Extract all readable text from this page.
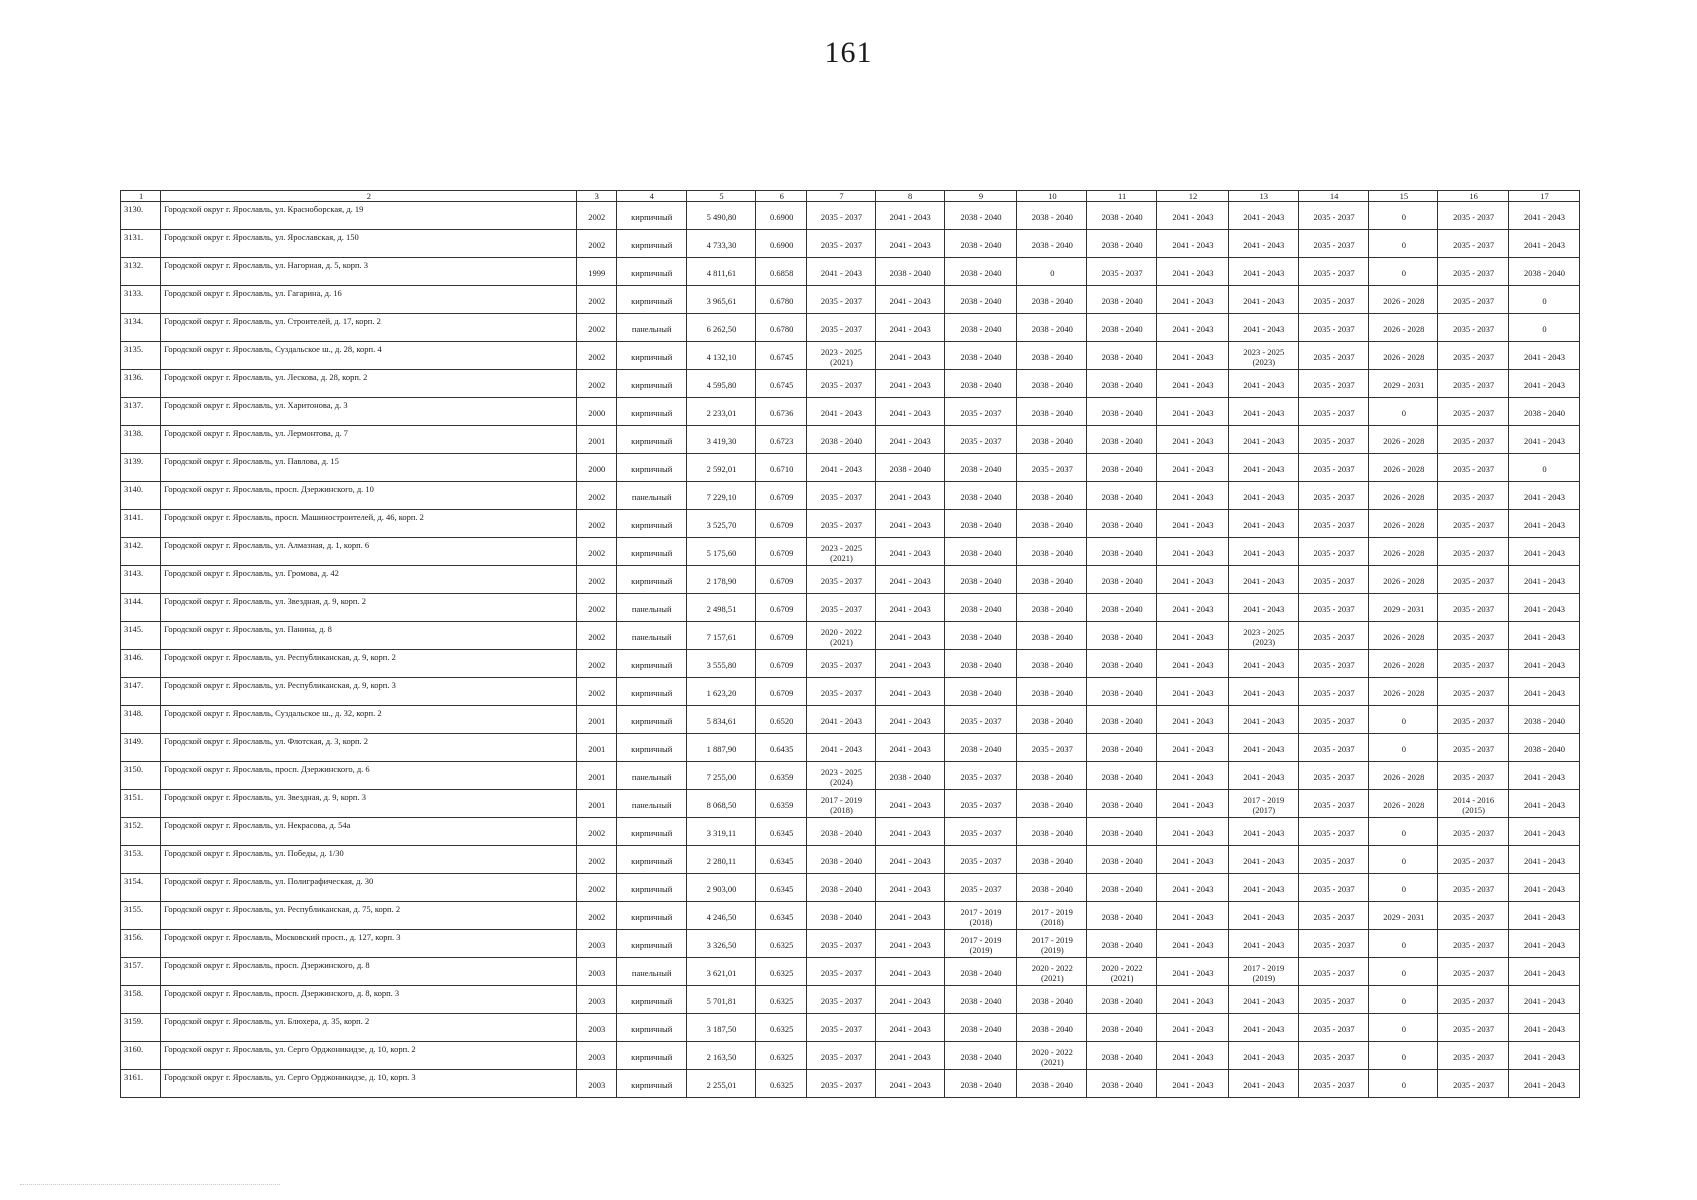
161
1	2	3	4	5	6	7	8	9	10	11	12	13	14	15	16	17
3130.	Городской округ г. Ярославль, ул. Красноборская, д. 19	2002	кирпичный	5 490,80	0.6900	2035 - 2037	2041 - 2043	2038 - 2040	2038 - 2040	2038 - 2040	2041 - 2043	2041 - 2043	2035 - 2037	0	2035 - 2037	2041 - 2043
3131.	Городской округ г. Ярославль, ул. Ярославская, д. 150	2002	кирпичный	4 733,30	0.6900	2035 - 2037	2041 - 2043	2038 - 2040	2038 - 2040	2038 - 2040	2041 - 2043	2041 - 2043	2035 - 2037	0	2035 - 2037	2041 - 2043
3132.	Городской округ г. Ярославль, ул. Нагорная, д. 5, корп. 3	1999	кирпичный	4 811,61	0.6858	2041 - 2043	2038 - 2040	2038 - 2040	0	2035 - 2037	2041 - 2043	2041 - 2043	2035 - 2037	0	2035 - 2037	2038 - 2040
3133.	Городской округ г. Ярославль, ул. Гагарина, д. 16	2002	кирпичный	3 965,61	0.6780	2035 - 2037	2041 - 2043	2038 - 2040	2038 - 2040	2038 - 2040	2041 - 2043	2041 - 2043	2035 - 2037	2026 - 2028	2035 - 2037	0
3134.	Городской округ г. Ярославль, ул. Строителей, д. 17, корп. 2	2002	панельный	6 262,50	0.6780	2035 - 2037	2041 - 2043	2038 - 2040	2038 - 2040	2038 - 2040	2041 - 2043	2041 - 2043	2035 - 2037	2026 - 2028	2035 - 2037	0
3135.	Городской округ г. Ярославль, Суздальское ш., д. 28, корп. 4	2002	кирпичный	4 132,10	0.6745	2023 - 2025
(2021)	2041 - 2043	2038 - 2040	2038 - 2040	2038 - 2040	2041 - 2043	2023 - 2025
(2023)	2035 - 2037	2026 - 2028	2035 - 2037	2041 - 2043
3136.	Городской округ г. Ярославль, ул. Лескова, д. 28, корп. 2	2002	кирпичный	4 595,80	0.6745	2035 - 2037	2041 - 2043	2038 - 2040	2038 - 2040	2038 - 2040	2041 - 2043	2041 - 2043	2035 - 2037	2029 - 2031	2035 - 2037	2041 - 2043
3137.	Городской округ г. Ярославль, ул. Харитонова, д. 3	2000	кирпичный	2 233,01	0.6736	2041 - 2043	2041 - 2043	2035 - 2037	2038 - 2040	2038 - 2040	2041 - 2043	2041 - 2043	2035 - 2037	0	2035 - 2037	2038 - 2040
3138.	Городской округ г. Ярославль, ул. Лермонтова, д. 7	2001	кирпичный	3 419,30	0.6723	2038 - 2040	2041 - 2043	2035 - 2037	2038 - 2040	2038 - 2040	2041 - 2043	2041 - 2043	2035 - 2037	2026 - 2028	2035 - 2037	2041 - 2043
3139.	Городской округ г. Ярославль, ул. Павлова, д. 15	2000	кирпичный	2 592,01	0.6710	2041 - 2043	2038 - 2040	2038 - 2040	2035 - 2037	2038 - 2040	2041 - 2043	2041 - 2043	2035 - 2037	2026 - 2028	2035 - 2037	0
3140.	Городской округ г. Ярославль, просп. Дзержинского, д. 10	2002	панельный	7 229,10	0.6709	2035 - 2037	2041 - 2043	2038 - 2040	2038 - 2040	2038 - 2040	2041 - 2043	2041 - 2043	2035 - 2037	2026 - 2028	2035 - 2037	2041 - 2043
3141.	Городской округ г. Ярославль, просп. Машиностроителей, д. 46, корп. 2	2002	кирпичный	3 525,70	0.6709	2035 - 2037	2041 - 2043	2038 - 2040	2038 - 2040	2038 - 2040	2041 - 2043	2041 - 2043	2035 - 2037	2026 - 2028	2035 - 2037	2041 - 2043
3142.	Городской округ г. Ярославль, ул. Алмазная, д. 1, корп. 6	2002	кирпичный	5 175,60	0.6709	2023 - 2025
(2021)	2041 - 2043	2038 - 2040	2038 - 2040	2038 - 2040	2041 - 2043	2041 - 2043	2035 - 2037	2026 - 2028	2035 - 2037	2041 - 2043
3143.	Городской округ г. Ярославль, ул. Громова, д. 42	2002	кирпичный	2 178,90	0.6709	2035 - 2037	2041 - 2043	2038 - 2040	2038 - 2040	2038 - 2040	2041 - 2043	2041 - 2043	2035 - 2037	2026 - 2028	2035 - 2037	2041 - 2043
3144.	Городской округ г. Ярославль, ул. Звездная, д. 9, корп. 2	2002	панельный	2 498,51	0.6709	2035 - 2037	2041 - 2043	2038 - 2040	2038 - 2040	2038 - 2040	2041 - 2043	2041 - 2043	2035 - 2037	2029 - 2031	2035 - 2037	2041 - 2043
3145.	Городской округ г. Ярославль, ул. Панина, д. 8	2002	панельный	7 157,61	0.6709	2020 - 2022
(2021)	2041 - 2043	2038 - 2040	2038 - 2040	2038 - 2040	2041 - 2043	2023 - 2025
(2023)	2035 - 2037	2026 - 2028	2035 - 2037	2041 - 2043
3146.	Городской округ г. Ярославль, ул. Республиканская, д. 9, корп. 2	2002	кирпичный	3 555,80	0.6709	2035 - 2037	2041 - 2043	2038 - 2040	2038 - 2040	2038 - 2040	2041 - 2043	2041 - 2043	2035 - 2037	2026 - 2028	2035 - 2037	2041 - 2043
3147.	Городской округ г. Ярославль, ул. Республиканская, д. 9, корп. 3	2002	кирпичный	1 623,20	0.6709	2035 - 2037	2041 - 2043	2038 - 2040	2038 - 2040	2038 - 2040	2041 - 2043	2041 - 2043	2035 - 2037	2026 - 2028	2035 - 2037	2041 - 2043
3148.	Городской округ г. Ярославль, Суздальское ш., д. 32, корп. 2	2001	кирпичный	5 834,61	0.6520	2041 - 2043	2041 - 2043	2035 - 2037	2038 - 2040	2038 - 2040	2041 - 2043	2041 - 2043	2035 - 2037	0	2035 - 2037	2038 - 2040
3149.	Городской округ г. Ярославль, ул. Флотская, д. 3, корп. 2	2001	кирпичный	1 887,90	0.6435	2041 - 2043	2041 - 2043	2038 - 2040	2035 - 2037	2038 - 2040	2041 - 2043	2041 - 2043	2035 - 2037	0	2035 - 2037	2038 - 2040
3150.	Городской округ г. Ярославль, просп. Дзержинского, д. 6	2001	панельный	7 255,00	0.6359	2023 - 2025
(2024)	2038 - 2040	2035 - 2037	2038 - 2040	2038 - 2040	2041 - 2043	2041 - 2043	2035 - 2037	2026 - 2028	2035 - 2037	2041 - 2043
3151.	Городской округ г. Ярославль, ул. Звездная, д. 9, корп. 3	2001	панельный	8 068,50	0.6359	2017 - 2019
(2018)	2041 - 2043	2035 - 2037	2038 - 2040	2038 - 2040	2041 - 2043	2017 - 2019
(2017)	2035 - 2037	2026 - 2028	2014 - 2016
(2015)	2041 - 2043
3152.	Городской округ г. Ярославль, ул. Некрасова, д. 54а	2002	кирпичный	3 319,11	0.6345	2038 - 2040	2041 - 2043	2035 - 2037	2038 - 2040	2038 - 2040	2041 - 2043	2041 - 2043	2035 - 2037	0	2035 - 2037	2041 - 2043
3153.	Городской округ г. Ярославль, ул. Победы, д. 1/30	2002	кирпичный	2 280,11	0.6345	2038 - 2040	2041 - 2043	2035 - 2037	2038 - 2040	2038 - 2040	2041 - 2043	2041 - 2043	2035 - 2037	0	2035 - 2037	2041 - 2043
3154.	Городской округ г. Ярославль, ул. Полиграфическая, д. 30	2002	кирпичный	2 903,00	0.6345	2038 - 2040	2041 - 2043	2035 - 2037	2038 - 2040	2038 - 2040	2041 - 2043	2041 - 2043	2035 - 2037	0	2035 - 2037	2041 - 2043
3155.	Городской округ г. Ярославль, ул. Республиканская, д. 75, корп. 2	2002	кирпичный	4 246,50	0.6345	2038 - 2040	2041 - 2043	2017 - 2019
(2018)	2017 - 2019
(2018)	2038 - 2040	2041 - 2043	2041 - 2043	2035 - 2037	2029 - 2031	2035 - 2037	2041 - 2043
3156.	Городской округ г. Ярославль, Московский просп., д. 127, корп. 3	2003	кирпичный	3 326,50	0.6325	2035 - 2037	2041 - 2043	2017 - 2019
(2019)	2017 - 2019
(2019)	2038 - 2040	2041 - 2043	2041 - 2043	2035 - 2037	0	2035 - 2037	2041 - 2043
3157.	Городской округ г. Ярославль, просп. Дзержинского, д. 8	2003	панельный	3 621,01	0.6325	2035 - 2037	2041 - 2043	2038 - 2040	2020 - 2022
(2021)	2020 - 2022
(2021)	2041 - 2043	2017 - 2019
(2019)	2035 - 2037	0	2035 - 2037	2041 - 2043
3158.	Городской округ г. Ярославль, просп. Дзержинского, д. 8, корп. 3	2003	кирпичный	5 701,81	0.6325	2035 - 2037	2041 - 2043	2038 - 2040	2038 - 2040	2038 - 2040	2041 - 2043	2041 - 2043	2035 - 2037	0	2035 - 2037	2041 - 2043
3159.	Городской округ г. Ярославль, ул. Блюхера, д. 35, корп. 2	2003	кирпичный	3 187,50	0.6325	2035 - 2037	2041 - 2043	2038 - 2040	2038 - 2040	2038 - 2040	2041 - 2043	2041 - 2043	2035 - 2037	0	2035 - 2037	2041 - 2043
3160.	Городской округ г. Ярославль, ул. Серго Орджоникидзе, д. 10, корп. 2	2003	кирпичный	2 163,50	0.6325	2035 - 2037	2041 - 2043	2038 - 2040	2020 - 2022
(2021)	2038 - 2040	2041 - 2043	2041 - 2043	2035 - 2037	0	2035 - 2037	2041 - 2043
3161.	Городской округ г. Ярославль, ул. Серго Орджоникидзе, д. 10, корп. 3	2003	кирпичный	2 255,01	0.6325	2035 - 2037	2041 - 2043	2038 - 2040	2038 - 2040	2038 - 2040	2041 - 2043	2041 - 2043	2035 - 2037	0	2035 - 2037	2041 - 2043
